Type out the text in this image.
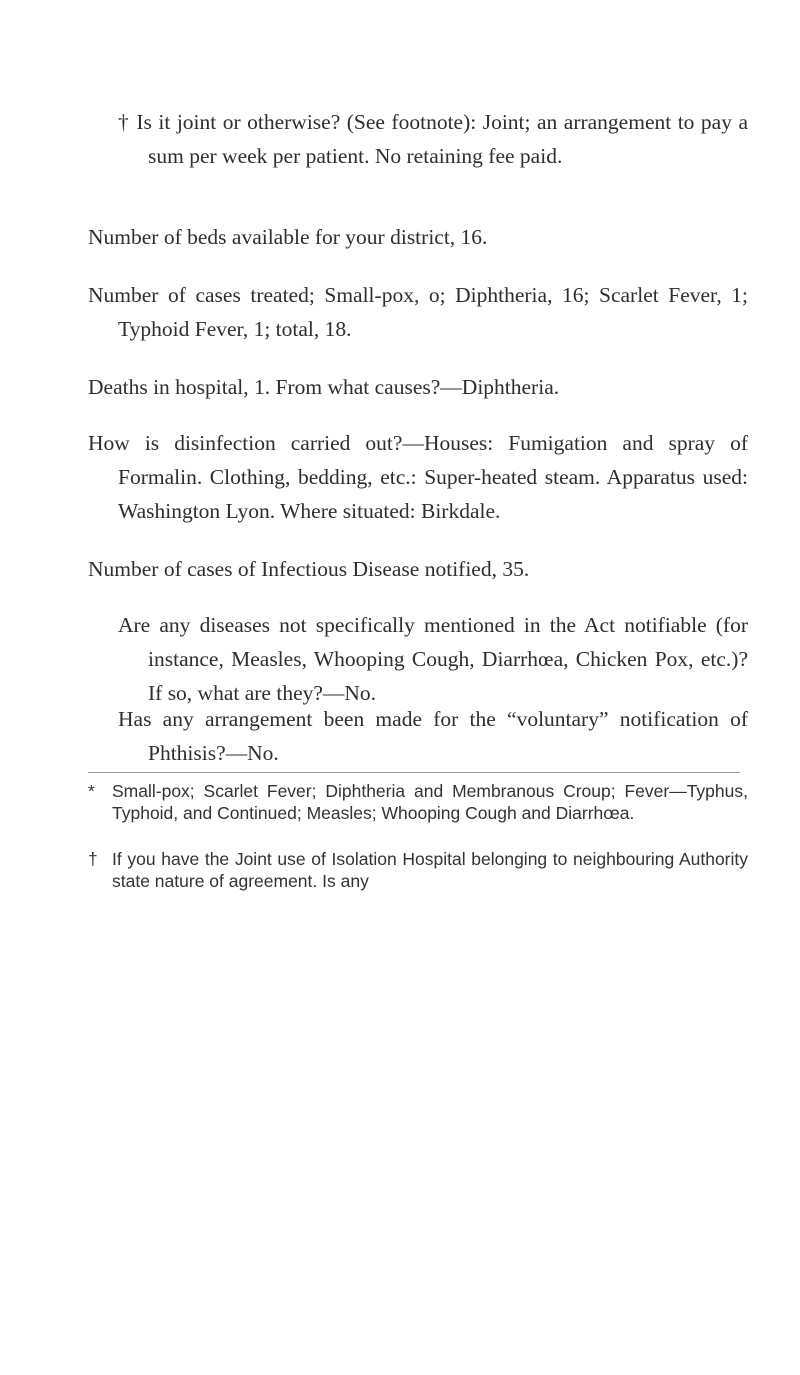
† Is it joint or otherwise? (See footnote): Joint; an arrangement to pay a sum per week per patient. No retaining fee paid.

Number of beds available for your district, 16.

Number of cases treated; Small-pox, o; Diphtheria, 16; Scarlet Fever, 1; Typhoid Fever, 1; total, 18.

Deaths in hospital, 1. From what causes?—Diphtheria.

How is disinfection carried out?—Houses: Fumigation and spray of Formalin. Clothing, bedding, etc.: Super-heated steam. Apparatus used: Washington Lyon. Where situated: Birkdale.

Number of cases of Infectious Disease notified, 35.

Are any diseases not specifically mentioned in the Act notifiable (for instance, Measles, Whooping Cough, Diarrhœa, Chicken Pox, etc.)? If so, what are they?—No.

Has any arrangement been made for the “voluntary” notification of Phthisis?—No.

* Small-pox; Scarlet Fever; Diphtheria and Membranous Croup; Fever—Typhus, Typhoid, and Continued; Measles; Whooping Cough and Diarrhœa.

† If you have the Joint use of Isolation Hospital belonging to neighbouring Authority state nature of agreement. Is any
